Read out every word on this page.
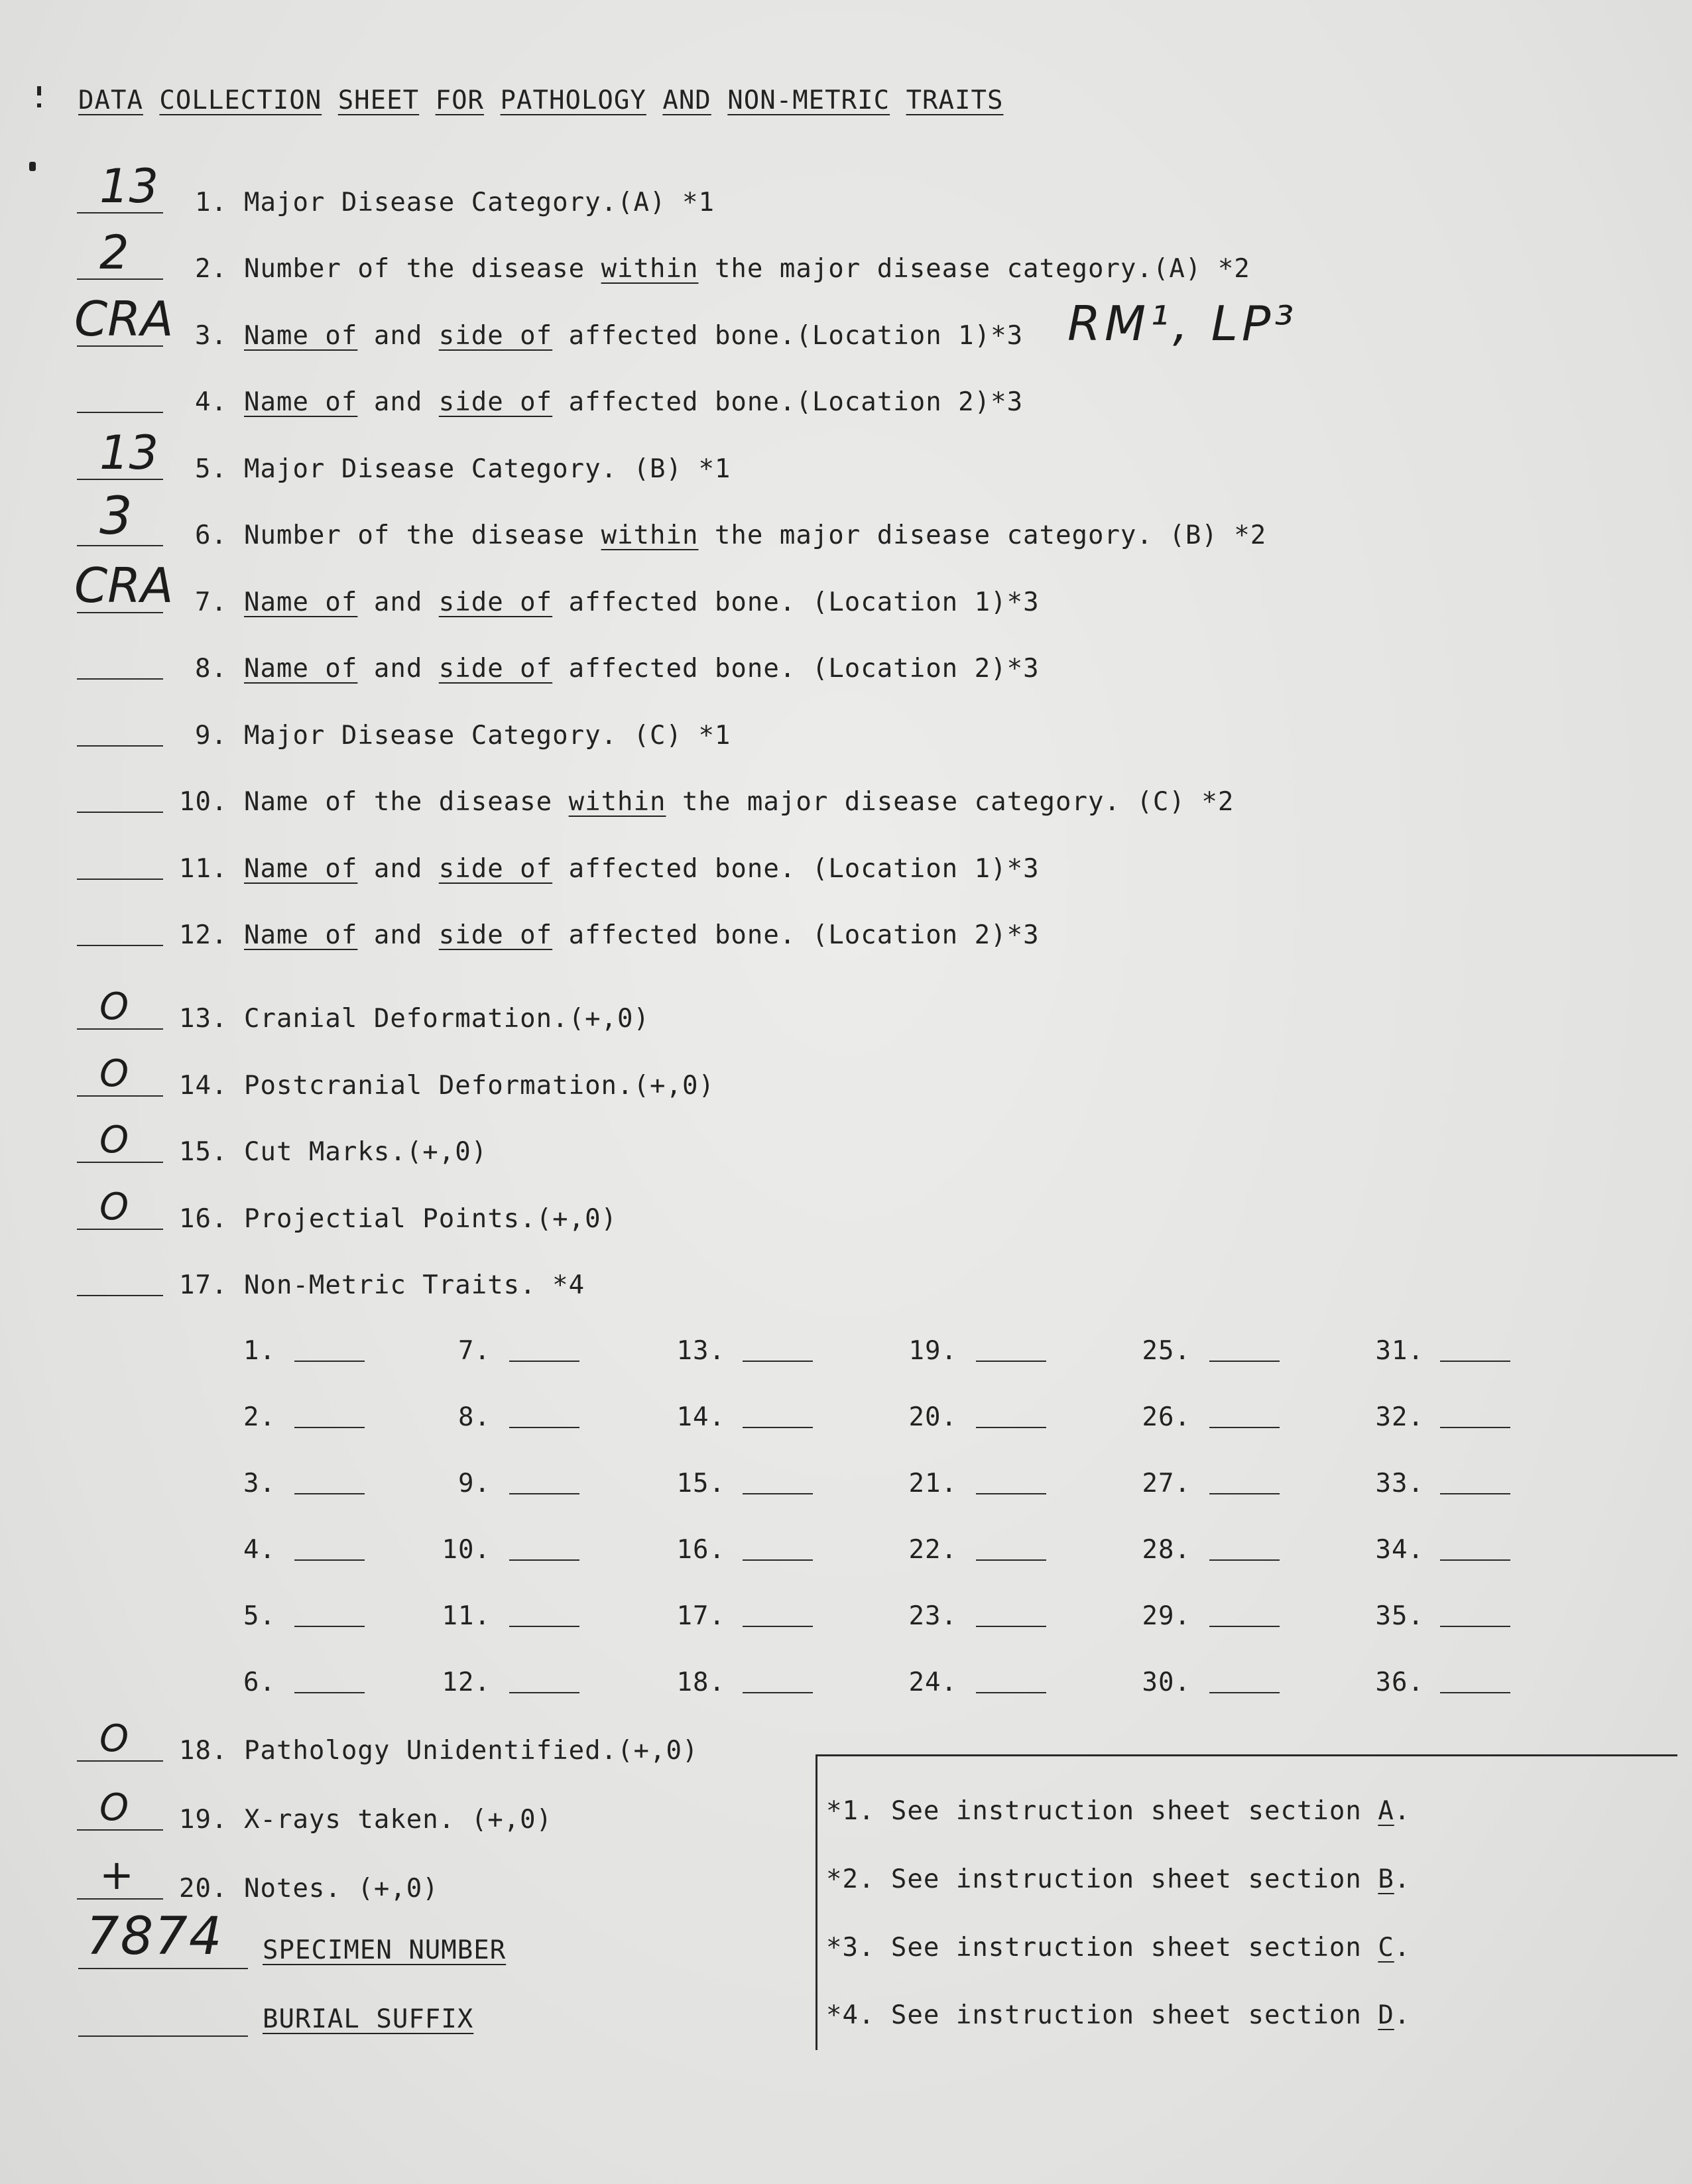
DATA COLLECTION SHEET FOR PATHOLOGY AND NON-METRIC TRAITS
13 1. Major Disease Category.(A) *1
2	2. Number of the disease within the major disease category.(A) *2
CRA 3. Name of and side of affected bone.(Location 1)*3
4. Name of and side of affected bone.(Location 2)*3
13 5. Major Disease Category. (B) *1
3 6. Number of the disease within the major disease category. (B) *2
CRA 7. Name of and side of affected bone. (Location 1)*3
8. Name of and side of affected bone. (Location 2)*3
9. Major Disease Category. (C) *1
10. Name of the disease within the major disease category. (C) *2
11. Name of and side of affected bone. (Location 1)*3
12. Name of and side of affected bone. (Location 2)*3
O 13. Cranial Deformation.(+,0)
O 14. Postcranial Deformation.(+,0)
O 15. Cut Marks.(+,0)
O 16. Projectial Points.(+,0)
17. Non-Metric Traits. *4
O 18. Pathology Unidentified.(+,0)
O 19. X-rays taken. (+,0)
+ 20. Notes. (+,0)
RM¹, LP³
1.
2.
3.
4.
5.
6.
7.
8.
9.
10.
11.
12.
13.
14.
15.
16.
17.
18.
19.
20.
21.
22.
23.
24.
25.
26.
27.
28.
29.
30.
31.
32.
33.
34.
35.
36.
7874 SPECIMEN NUMBER
BURIAL SUFFIX
*1. See instruction sheet section A.
*2. See instruction sheet section B.
*3. See instruction sheet section C.
*4. See instruction sheet section D.
